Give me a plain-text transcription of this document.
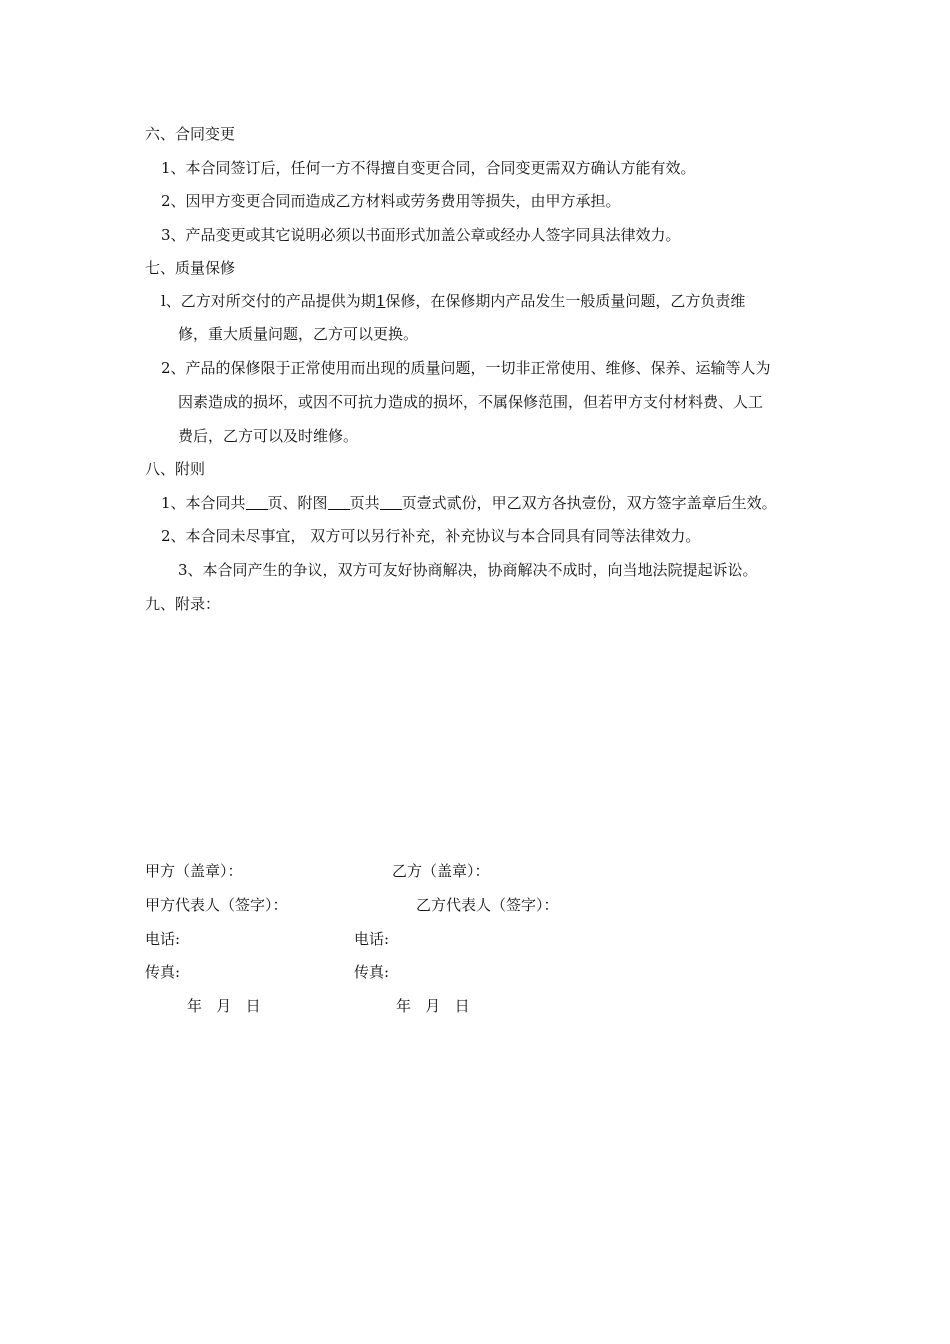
六、合同变更
1、本合同签订后，任何一方不得擅自变更合同，合同变更需双方确认方能有效。
2、因甲方变更合同而造成乙方材料或劳务费用等损失，由甲方承担。
3、产品变更或其它说明必须以书面形式加盖公章或经办人签字同具法律效力。
七、质量保修
l、乙方对所交付的产品提供为期1保修，在保修期内产品发生一般质量问题，乙方负责维
修，重大质量问题，乙方可以更换。
2、产品的保修限于正常使用而出现的质量问题，一切非正常使用、维修、保养、运输等人为
因素造成的损坏，或因不可抗力造成的损坏，不属保修范围，但若甲方支付材料费、人工
费后，乙方可以及时维修。
八、附则
1、本合同共 页、附图 页共 页壹式贰份，甲乙双方各执壹份，双方签字盖章后生效。
2、本合同未尽事宜， 双方可以另行补充，补充协议与本合同具有同等法律效力。
3、本合同产生的争议，双方可友好协商解决，协商解决不成时，向当地法院提起诉讼。
九、附录：
甲方（盖章）：	乙方（盖章）：
甲方代表人（签字）：	乙方代表人（签字）：
电话:	电话:
传真:	传真:
年   月   日	年   月   日
